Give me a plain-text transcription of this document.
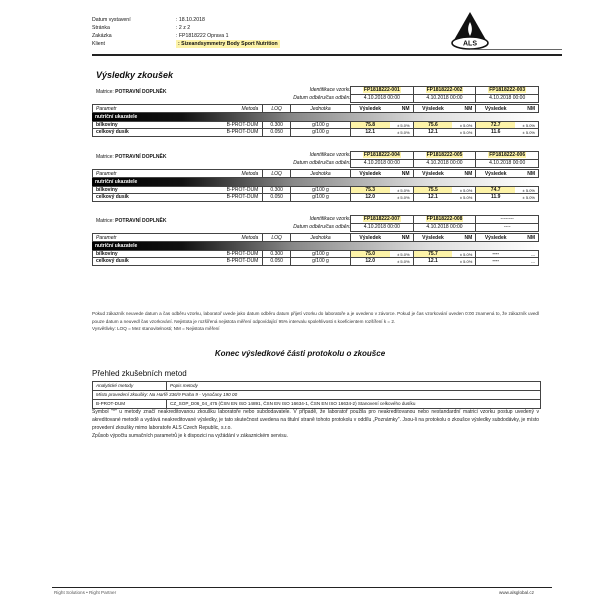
Datum vystavení	: 18.10.2018
Stránka	: 2 z 2
Zakázka	: FP1818222 Oprava 1
Klient	: Sizeandsymmetry Body Sport Nutrition	ALS
Výsledky zkoušek
Matrice: POTRAVNÍ DOPLNĚK	Identifikace vzorku
Datum odběru/čas odběru
FP1818222-001	FP1818222-002	FP1818222-003
4.10.2018 00:00	4.10.2018 00:00	4.10.2018 00:00
Parametr	Metoda	LOQ	Jednotka	Výsledek	NM	Výsledek	NM	Výsledek	NM
nutriční ukazatele
bílkoviny	B-PROT-DUM	0.300	g/100 g	75.8	± 5.0%	75.6	± 5.0%	72.7	± 5.0%
celkový dusík	B-PROT-DUM	0.050	g/100 g	12.1	± 5.0%	12.1	± 5.0%	11.6	± 5.0%
Matrice: POTRAVNÍ DOPLNĚK	Identifikace vzorku
Datum odběru/čas odběru
FP1818222-004	FP1818222-005	FP1818222-006
4.10.2018 00:00	4.10.2018 00:00	4.10.2018 00:00
Parametr	Metoda	LOQ	Jednotka	Výsledek	NM	Výsledek	NM	Výsledek	NM
nutriční ukazatele
bílkoviny	B-PROT-DUM	0.300	g/100 g	75.3	± 5.0%	75.5	± 5.0%	74.7	± 5.0%
celkový dusík	B-PROT-DUM	0.050	g/100 g	12.0	± 5.0%	12.1	± 5.0%	11.9	± 5.0%
Matrice: POTRAVNÍ DOPLNĚK	Identifikace vzorku
Datum odběru/čas odběru
FP1818222-007	FP1818222-008	--------
4.10.2018 00:00	4.10.2018 00:00	----
Parametr	Metoda	LOQ	Jednotka	Výsledek	NM	Výsledek	NM	Výsledek	NM
nutriční ukazatele
bílkoviny	B-PROT-DUM	0.300	g/100 g	75.0	± 5.0%	75.7	± 5.0%	----	---
celkový dusík	B-PROT-DUM	0.050	g/100 g	12.0	± 5.0%	12.1	± 5.0%	----	---
Pokud zákazník neuvede datum a čas odběru vzorku, laboratoř uvede jako datum odběru datum přijetí vzorku do laboratoře a je uvedeno v závorce. Pokud je čas vzorkování uveden 0:00 znamená to, že zákazník uvedl pouze datum a neuvedl čas vzorkování. Nejistota je rozšířená nejistota měření odpovídající 95% intervalu spolehlivosti s koeficientem rozšíření k = 2.
Vysvětlivky: LOQ = Mez stanovitelnosti; NM = Nejistota měření
Konec výsledkové části protokolu o zkoušce
Přehled zkušebních metod
Analytické metody	Popis metody
Místo provedení zkoušky: Na Harfě 336/9 Praha 9 - Vysočany 190 00
B-PROT-DUM	CZ_SOP_D06_04_475 (ČSN EN ISO 14891, ČSN EN ISO 16634-1, ČSN EN ISO 16634-2) Stanovení celkového dusíku
Symbol "*" u metody značí neakreditovanou zkoušku laboratoře nebo subdodavatele. V případě, že laboratoř použila pro neakreditovanou nebo nestandardní matrici vzorku postup uvedený v akreditované metodě a vydává neakreditované výsledky, je tato skutečnost uvedena na titulní straně tohoto protokolu v oddílu „Poznámky". Jsou-li na protokolu o zkoušce výsledky subdodávky, je místo provedení zkoušky mimo laboratoře ALS Czech Republic, s.r.o.
Způsob výpočtu sumačních parametrů je k dispozici na vyžádání v zákaznickém servisu.
Right Solutions • Right Partner	www.alsglobal.cz
